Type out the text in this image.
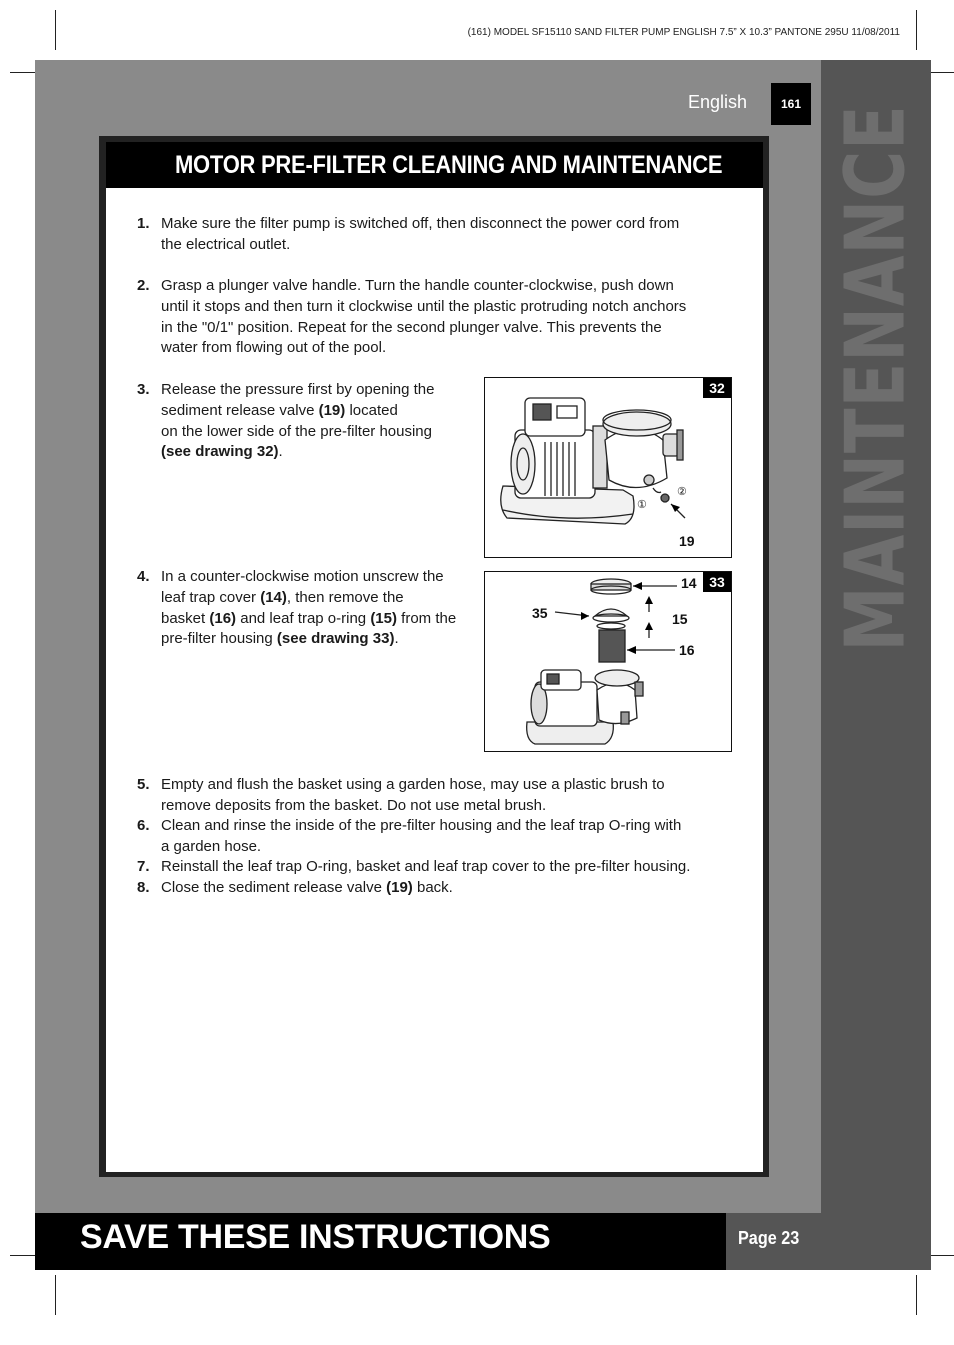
(161) MODEL SF15110 SAND FILTER PUMP ENGLISH 7.5” X 10.3” PANTONE 295U 11/08/2011
MAINTENANCE
English	161
MOTOR PRE-FILTER CLEANING AND MAINTENANCE
1. Make sure the filter pump is switched off, then disconnect the power cord from
the electrical outlet.
2. Grasp a plunger valve handle. Turn the handle counter-clockwise, push down
until it stops and then turn it clockwise until the plastic protruding notch anchors
in the "0/1" position. Repeat for the second plunger valve. This prevents the
water from flowing out of the pool.
3. Release the pressure first by opening the
sediment release valve (19) located
on the lower side of the pre-filter housing
(see drawing 32).
32
19
①
②
4. In a counter-clockwise motion unscrew the
leaf trap cover (14), then remove the
basket (16) and leaf trap o-ring (15) from the
pre-filter housing (see drawing 33).
33
14
35	15
16
5. Empty and flush the basket using a garden hose, may use a plastic brush to
remove deposits from the basket. Do not use metal brush.
6. Clean and rinse the inside of the pre-filter housing and the leaf trap O-ring with
a garden hose.
7. Reinstall the leaf trap O-ring, basket and leaf trap cover to the pre-filter housing.
8. Close the sediment release valve (19) back.
SAVE THESE INSTRUCTIONS	Page 23
